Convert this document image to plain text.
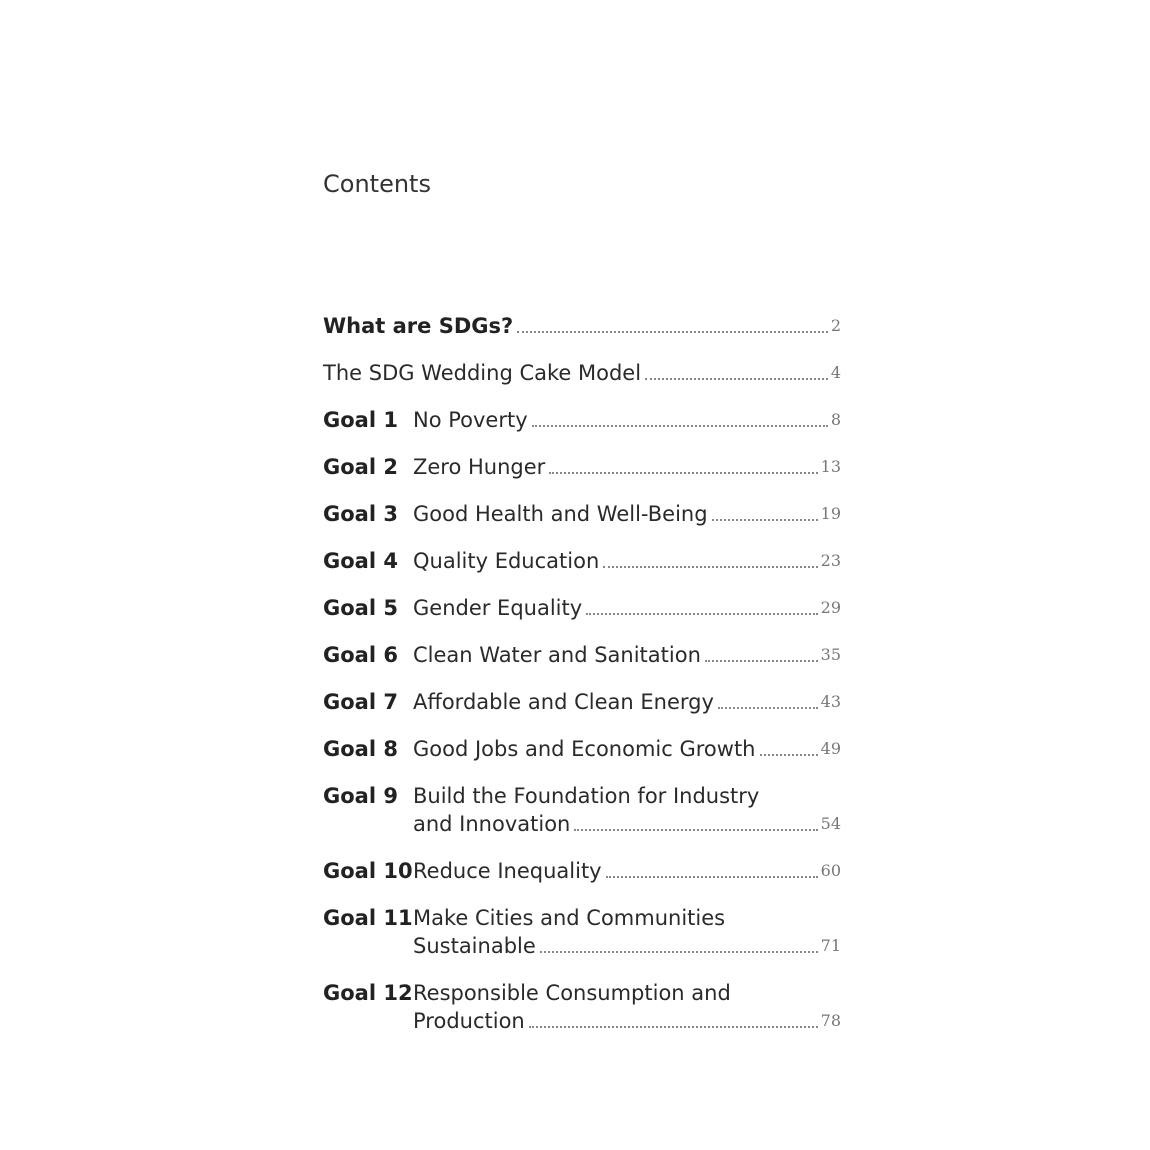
Contents
What are SDGs?	2
The SDG Wedding Cake Model	4
Goal 1 No Poverty	8
Goal 2 Zero Hunger	13
Goal 3 Good Health and Well-Being	19
Goal 4 Quality Education	23
Goal 5 Gender Equality	29
Goal 6 Clean Water and Sanitation	35
Goal 7 Affordable and Clean Energy	43
Goal 8 Good Jobs and Economic Growth	49
Goal 9 Build the Foundation for Industry
and Innovation	54
Goal 10 Reduce Inequality	60
Goal 11 Make Cities and Communities
Sustainable	71
Goal 12 Responsible Consumption and
Production	78
